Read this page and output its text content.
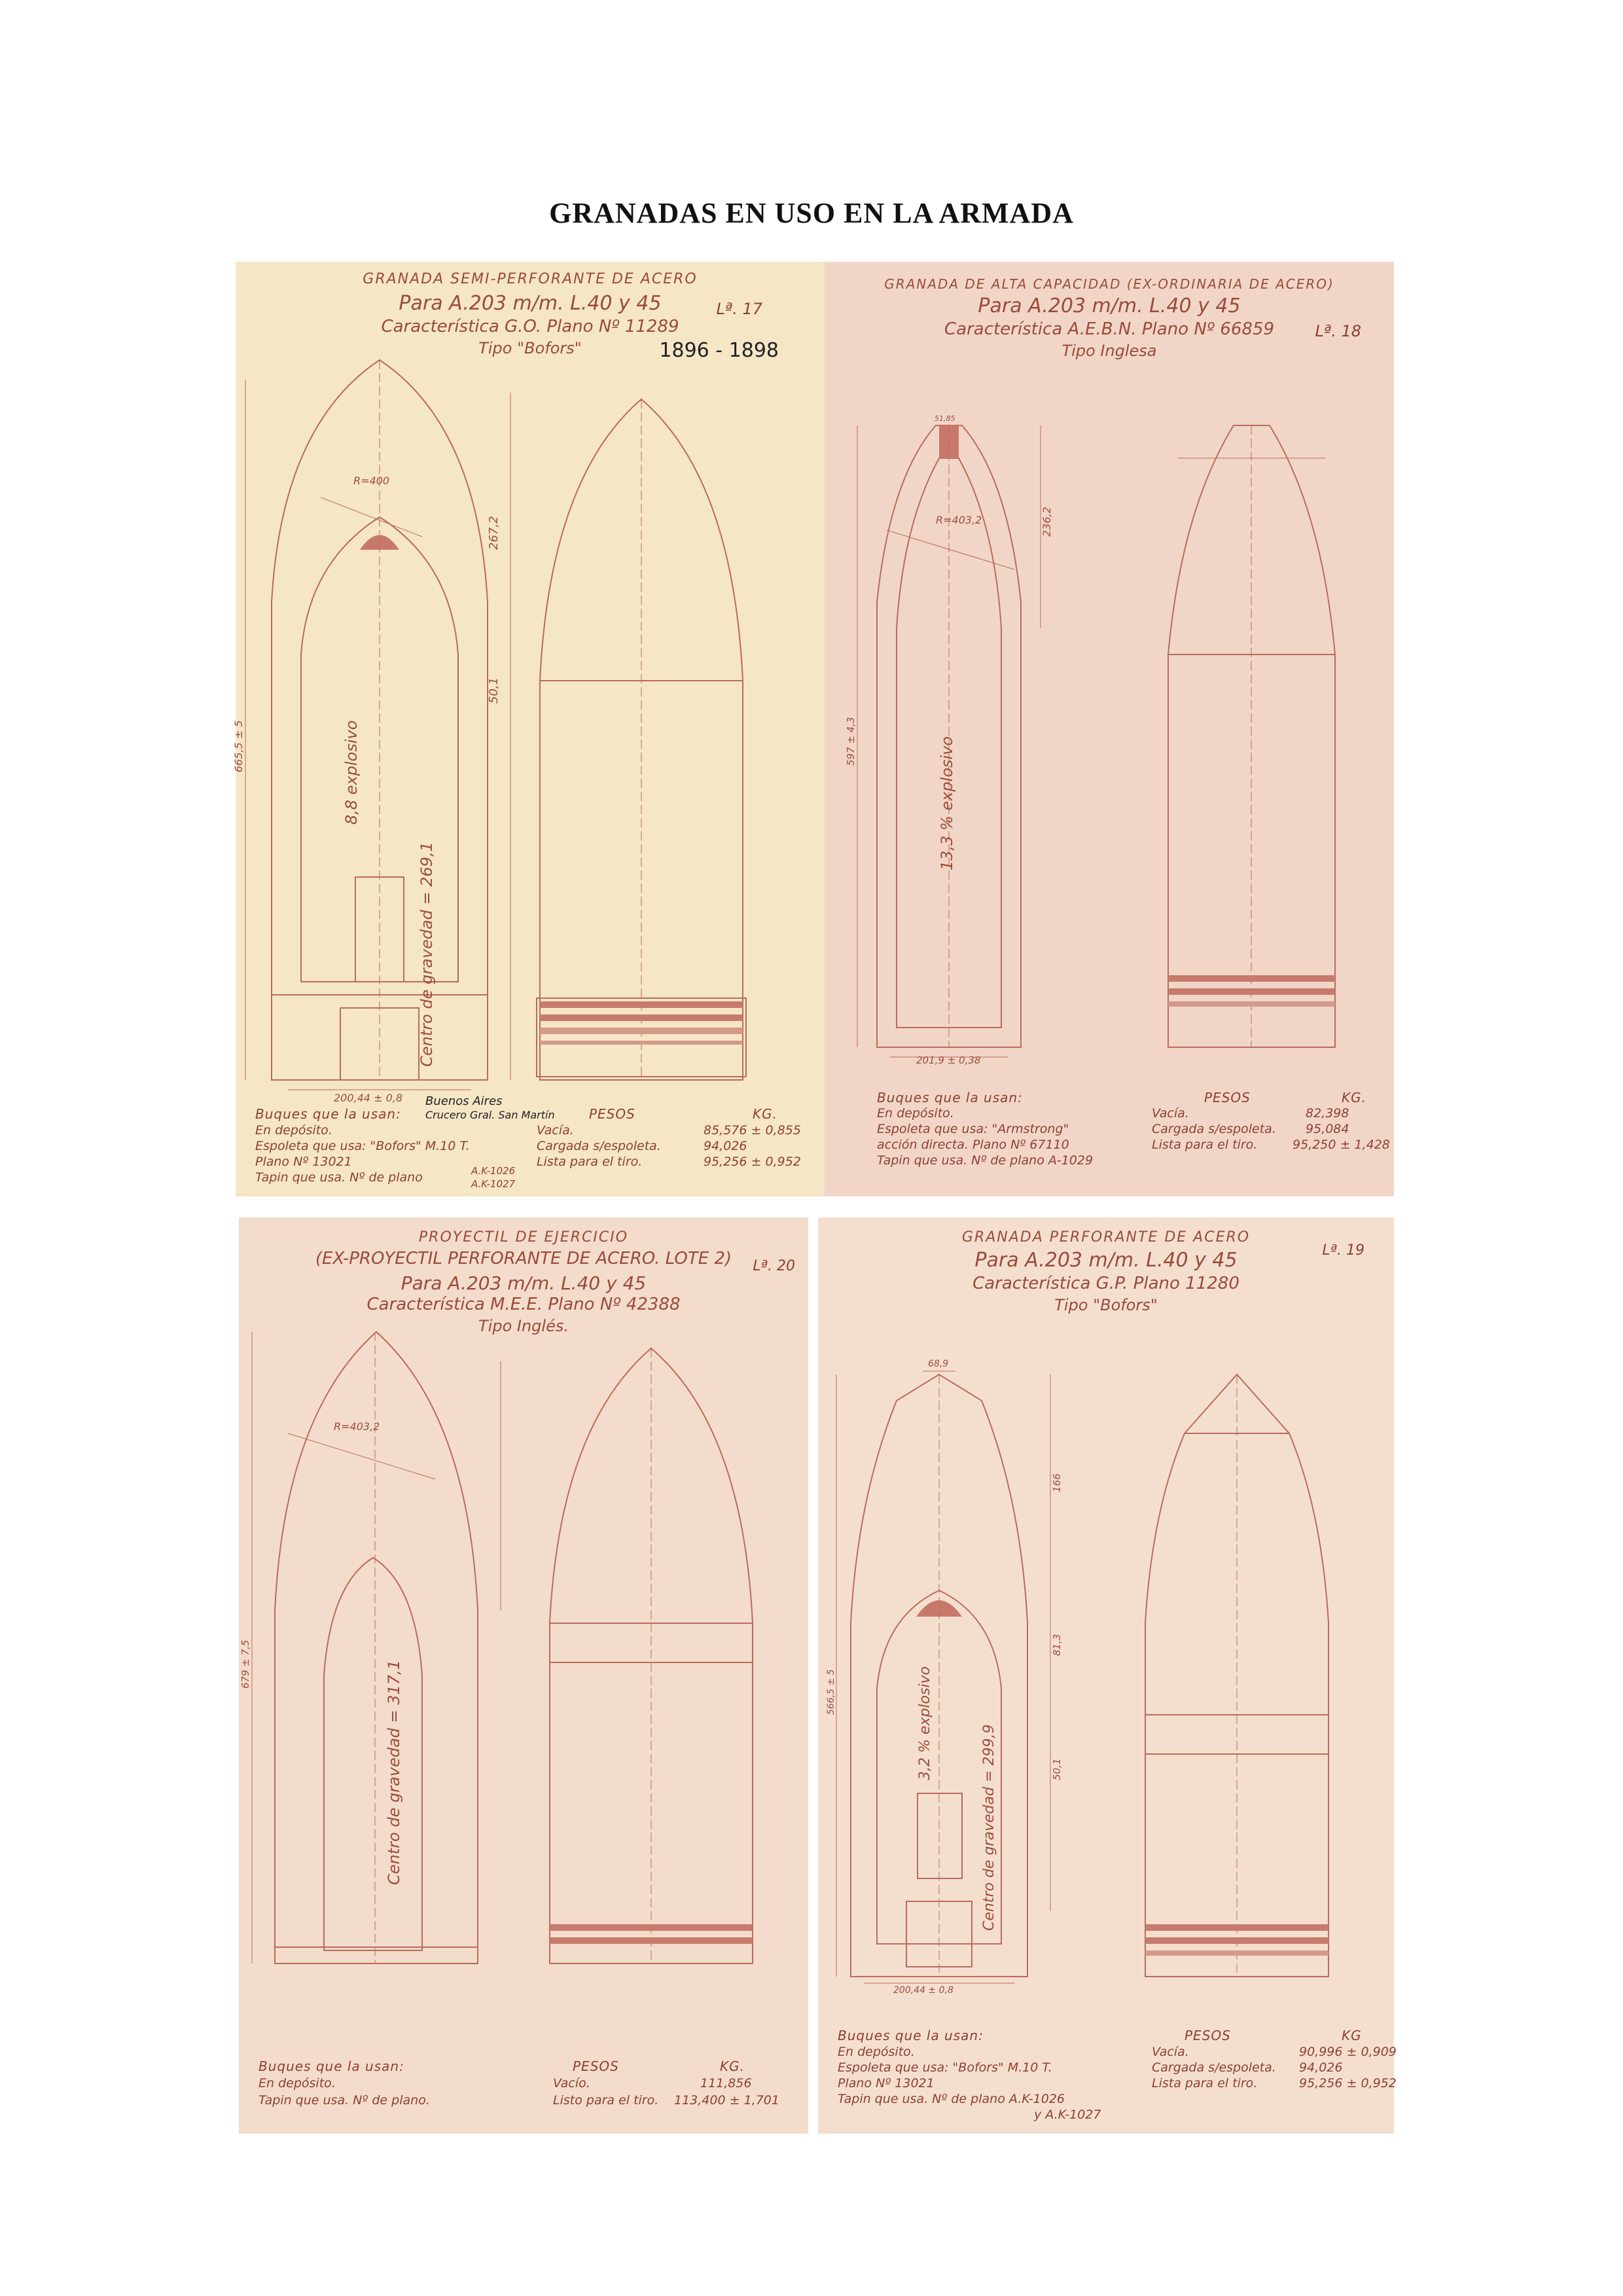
GRANADAS EN USO EN LA ARMADA
R=400
267,2
50,1
200,44 ± 0,8
665,5 ± 5	8,8 explosivo
Centro de gravedad = 269,1
GRANADA SEMI-PERFORANTE DE ACERO
Para A.203 m/m. L.40 y 45
Característica G.O. Plano Nº 11289
Tipo "Bofors"
Lª. 17
1896 - 1898
Buques que la usan:
Buenos Aires
Crucero Gral. San Martín	PESOS	KG.
En depósito.	Vacía.	85,576 ± 0,855
Espoleta que usa: "Bofors" M.10 T.	Cargada s/espoleta.	94,026
Plano Nº 13021	Lista para el tiro.	95,256 ± 0,952
Tapin que usa. Nº de plano	A.K-1026
A.K-1027
R=403,2	236,2
201,9 ± 0,38
597 ± 4,3
51,85
13,3 % explosivo
GRANADA DE ALTA CAPACIDAD (EX-ORDINARIA DE ACERO)
Para A.203 m/m. L.40 y 45
Característica A.E.B.N. Plano Nº 66859
Tipo Inglesa
Lª. 18
Buques que la usan:	PESOS	KG.
En depósito.	Vacía.	82,398
Espoleta que usa: "Armstrong"	Cargada s/espoleta. 95,084
acción directa. Plano Nº 67110	Lista para el tiro.	95,250 ± 1,428
Tapin que usa. Nº de plano A-1029
R=403,2
679 ± 7,5	Centro de gravedad = 317,1
PROYECTIL DE EJERCICIO
(EX-PROYECTIL PERFORANTE DE ACERO. LOTE 2)
Para A.203 m/m. L.40 y 45
Característica M.E.E. Plano Nº 42388
Tipo Inglés.
Lª. 20
Buques que la usan:	PESOS	KG.
En depósito.	Vacío.	111,856
Tapin que usa. Nº de plano.	Listo para el tiro. 113,400 ± 1,701
68,9
166
81,3
50,1
200,44 ± 0,8
566,5 ± 5	3,2 % explosivo
Centro de gravedad = 299,9
GRANADA PERFORANTE DE ACERO
Para A.203 m/m. L.40 y 45
Característica G.P. Plano 11280
Tipo "Bofors"
Lª. 19
Buques que la usan:	PESOS	KG
En depósito.	Vacía.	90,996 ± 0,909
Espoleta que usa: "Bofors" M.10 T.	Cargada s/espoleta. 94,026
Plano Nº 13021	Lista para el tiro.	95,256 ± 0,952
Tapin que usa. Nº de plano A.K-1026
y A.K-1027
